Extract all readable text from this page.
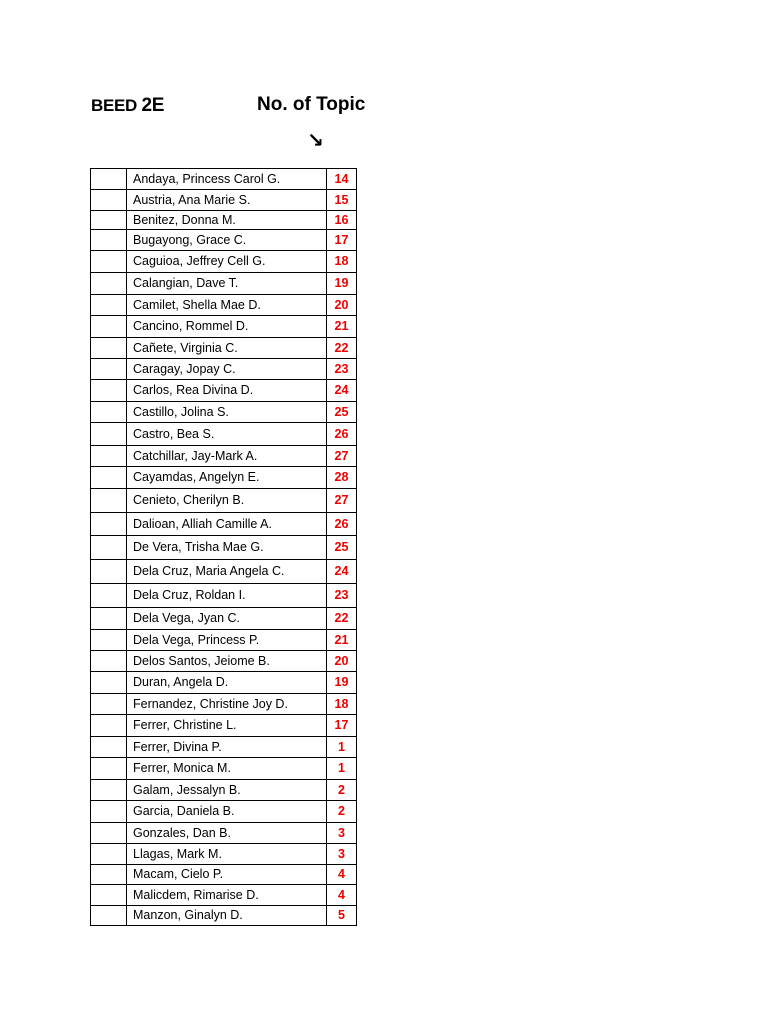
BEED 2E	No. of Topic
↘
	Andaya, Princess Carol G.	14
	Austria, Ana Marie S.	15
	Benitez, Donna M.	16
	Bugayong, Grace C.	17
	Caguioa, Jeffrey Cell G.	18
	Calangian, Dave T.	19
	Camilet, Shella Mae D.	20
	Cancino, Rommel D.	21
	Cañete, Virginia C.	22
	Caragay, Jopay C.	23
	Carlos, Rea Divina D.	24
	Castillo, Jolina S.	25
	Castro, Bea S.	26
	Catchillar, Jay-Mark A.	27
	Cayamdas, Angelyn E.	28
	Cenieto, Cherilyn B.	27
	Dalioan, Alliah Camille A.	26
	De Vera, Trisha Mae G.	25
	Dela Cruz, Maria Angela C.	24
	Dela Cruz, Roldan I.	23
	Dela Vega, Jyan C.	22
	Dela Vega, Princess P.	21
	Delos Santos, Jeiome B.	20
	Duran, Angela D.	19
	Fernandez, Christine Joy D.	18
	Ferrer, Christine L.	17
	Ferrer, Divina P.	1
	Ferrer, Monica M.	1
	Galam, Jessalyn B.	2
	Garcia, Daniela B.	2
	Gonzales, Dan B.	3
	Llagas, Mark M.	3
	Macam, Cielo P.	4
	Malicdem, Rimarise D.	4
	Manzon, Ginalyn D.	5
